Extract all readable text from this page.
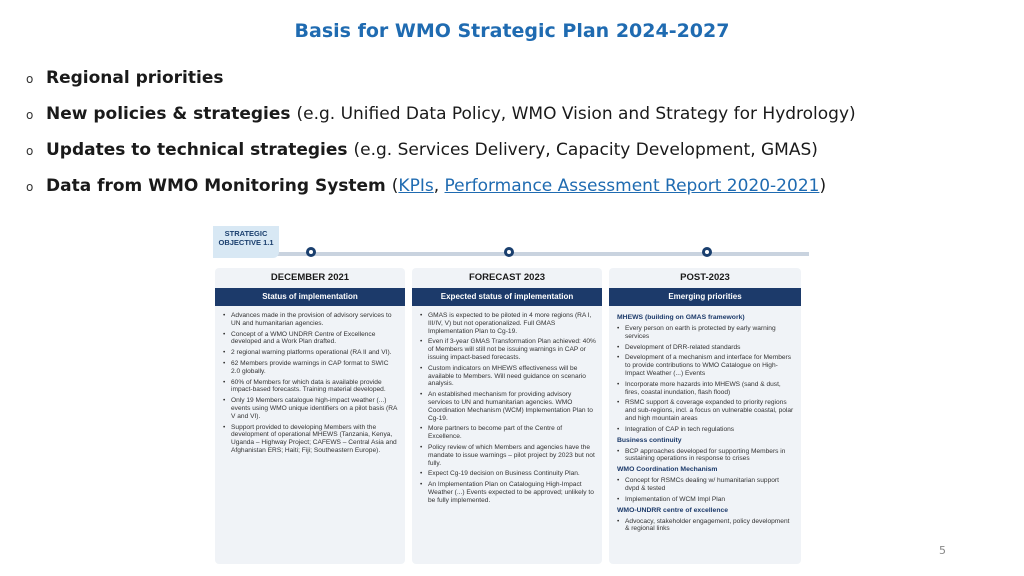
Basis for WMO Strategic Plan 2024-2027
o Regional priorities
o New policies & strategies (e.g. Unified Data Policy, WMO Vision and Strategy for Hydrology)
o Updates to technical strategies (e.g. Services Delivery, Capacity Development, GMAS)
o Data from WMO Monitoring System ( KPIs ,
Performance Assessment Report 2020-2021 )
STRATEGIC OBJECTIVE 1.1
DECEMBER 2021
Status of implementation
• Advances made in the provision of advisory services to UN and humanitarian agencies.
• Concept of a WMO UNDRR Centre of Excellence developed and a Work Plan drafted.
• 2 regional warning platforms operational (RA II and VI).
• 62 Members provide warnings in CAP format to SWIC 2.0 globally.
• 60% of Members for which data is available provide impact-based forecasts. Training material developed.
• Only 19 Members catalogue high-impact weather (...) events using WMO unique identifiers on a pilot basis (RA V and VI).
• Support provided to developing Members with the development of operational MHEWS (Tanzania, Kenya, Uganda – Highway Project; CAFEWS – Central Asia and Afghanistan ERS; Haiti; Fiji; Southeastern Europe).
FORECAST 2023
Expected status of implementation
• GMAS is expected to be piloted in 4 more regions (RA I, III/IV, V) but not operationalized. Full GMAS Implementation Plan to Cg-19.
• Even if 3-year GMAS Transformation Plan achieved: 40% of Members will still not be issuing warnings in CAP or issuing impact-based forecasts.
• Custom indicators on MHEWS effectiveness will be available to Members. Will need guidance on scenario analysis.
• An established mechanism for providing advisory services to UN and humanitarian agencies. WMO Coordination Mechanism (WCM) Implementation Plan to Cg-19.
• More partners to become part of the Centre of Excellence.
• Policy review of which Members and agencies have the mandate to issue warnings – pilot project by 2023 but not fully.
• Expect Cg-19 decision on Business Continuity Plan.
• An Implementation Plan on Cataloguing High-Impact Weather (...) Events expected to be approved; unlikely to be fully implemented.
POST-2023
Emerging priorities
MHEWS (building on GMAS framework)
• Every person on earth is protected by early warning services
• Development of DRR-related standards
• Development of a mechanism and interface for Members to provide contributions to WMO Catalogue on High-Impact Weather (...) Events
• Incorporate more hazards into MHEWS (sand & dust, fires, coastal inundation, flash flood)
• RSMC support & coverage expanded to priority regions and sub-regions, incl. a focus on vulnerable coastal, polar and high mountain areas
• Integration of CAP in tech regulations
Business continuity
• BCP approaches developed for supporting Members in sustaining operations in response to crises
WMO Coordination Mechanism
• Concept for RSMCs dealing w/ humanitarian support dvpd & tested
• Implementation of WCM Impl Plan
WMO-UNDRR centre of excellence
• Advocacy, stakeholder engagement, policy development & regional links
5
